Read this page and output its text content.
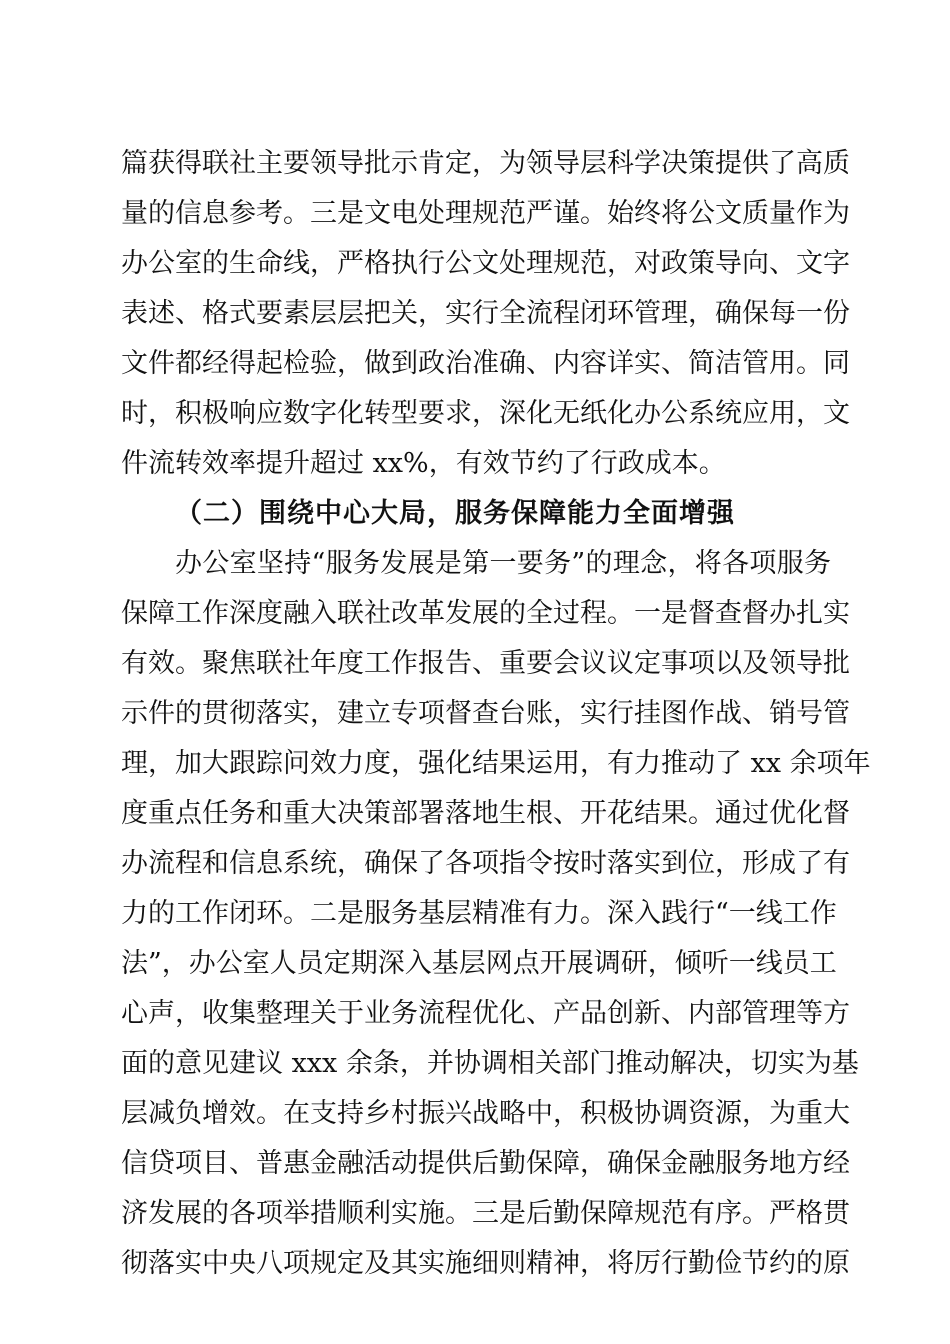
篇获得联社主要领导批示肯定，为领导层科学决策提供了高质
量的信息参考。三是文电处理规范严谨。始终将公文质量作为
办公室的生命线，严格执行公文处理规范，对政策导向、文字
表述、格式要素层层把关，实行全流程闭环管理，确保每一份
文件都经得起检验，做到政治准确、内容详实、简洁管用。同
时，积极响应数字化转型要求，深化无纸化办公系统应用，文
件流转效率提升超过 xx%，有效节约了行政成本。
（二）围绕中心大局，服务保障能力全面增强
办公室坚持“服务发展是第一要务”的理念，将各项服务
保障工作深度融入联社改革发展的全过程。一是督查督办扎实
有效。聚焦联社年度工作报告、重要会议议定事项以及领导批
示件的贯彻落实，建立专项督查台账，实行挂图作战、销号管
理，加大跟踪问效力度，强化结果运用，有力推动了 xx 余项年
度重点任务和重大决策部署落地生根、开花结果。通过优化督
办流程和信息系统，确保了各项指令按时落实到位，形成了有
力的工作闭环。二是服务基层精准有力。深入践行“一线工作
法”，办公室人员定期深入基层网点开展调研，倾听一线员工
心声，收集整理关于业务流程优化、产品创新、内部管理等方
面的意见建议 xxx 余条，并协调相关部门推动解决，切实为基
层减负增效。在支持乡村振兴战略中，积极协调资源，为重大
信贷项目、普惠金融活动提供后勤保障，确保金融服务地方经
济发展的各项举措顺利实施。三是后勤保障规范有序。严格贯
彻落实中央八项规定及其实施细则精神，将厉行勤俭节约的原
